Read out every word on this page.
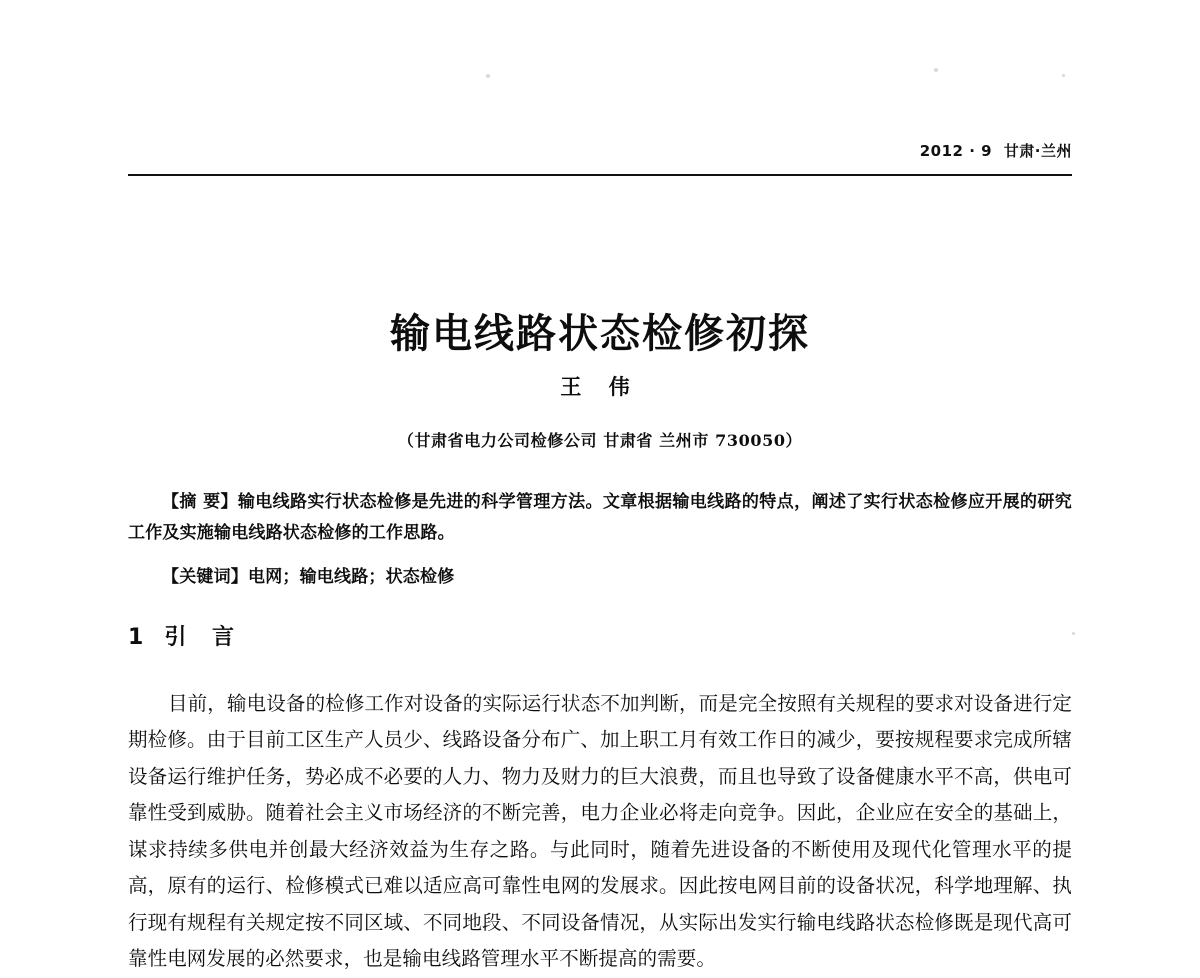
2012 · 9 甘肃·兰州
输电线路状态检修初探
王 伟
（甘肃省电力公司检修公司 甘肃省 兰州市 730050）
【摘 要】输电线路实行状态检修是先进的科学管理方法。文章根据输电线路的特点，阐述了实行状态检修应开展的研究工作及实施输电线路状态检修的工作思路。
【关键词】电网；输电线路；状态检修
1 引 言

目前，输电设备的检修工作对设备的实际运行状态不加判断，而是完全按照有关规程的要求对设备进行定期检修。由于目前工区生产人员少、线路设备分布广、加上职工月有效工作日的减少，要按规程要求完成所辖设备运行维护任务，势必成不必要的人力、物力及财力的巨大浪费，而且也导致了设备健康水平不高，供电可靠性受到威胁。随着社会主义市场经济的不断完善，电力企业必将走向竞争。因此，企业应在安全的基础上，谋求持续多供电并创最大经济效益为生存之路。与此同时，随着先进设备的不断使用及现代化管理水平的提高，原有的运行、检修模式已难以适应高可靠性电网的发展求。因此按电网目前的设备状况，科学地理解、执行现有规程有关规定按不同区域、不同地段、不同设备情况，从实际出发实行输电线路状态检修既是现代高可靠性电网发展的必然要求，也是输电线路管理水平不断提高的需要。
